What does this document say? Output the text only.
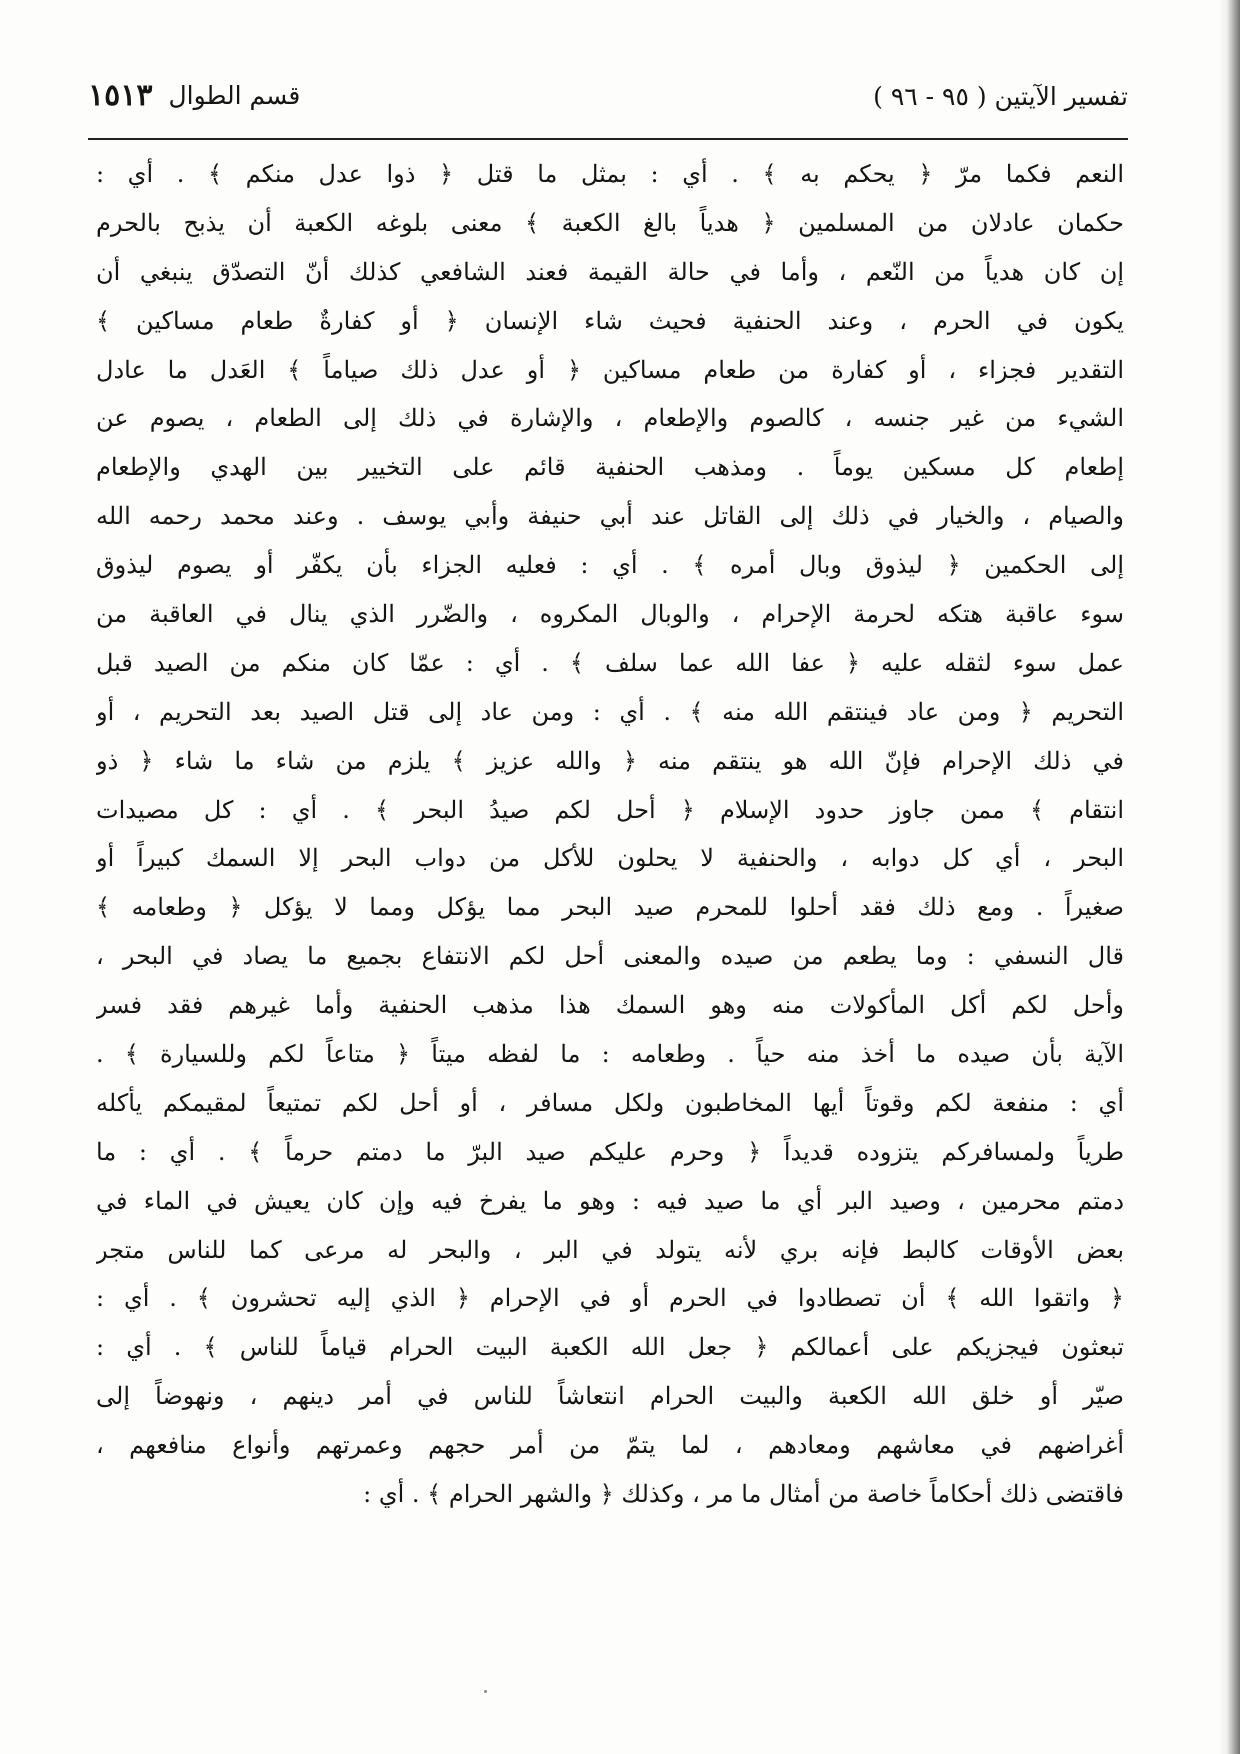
تفسير الآيتين ( ٩٥ - ٩٦ )
قسم الطوال١٥١٣
النعم فكما مرّ ﴿ يحكم به ﴾ . أي : بمثل ما قتل ﴿ ذوا عدل منكم ﴾ . أي :
حكمان عادلان من المسلمين ﴿ هدياً بالغ الكعبة ﴾ معنى بلوغه الكعبة أن يذبح بالحرم
إن كان هدياً من النّعم ، وأما في حالة القيمة فعند الشافعي كذلك أنّ التصدّق ينبغي أن
يكون في الحرم ، وعند الحنفية فحيث شاء الإنسان ﴿ أو كفارةٌ طعام مساكين ﴾
التقدير فجزاء ، أو كفارة من طعام مساكين ﴿ أو عدل ذلك صياماً ﴾ العَدل ما عادل
الشيء من غير جنسه ، كالصوم والإطعام ، والإشارة في ذلك إلى الطعام ، يصوم عن
إطعام كل مسكين يوماً . ومذهب الحنفية قائم على التخيير بين الهدي والإطعام
والصيام ، والخيار في ذلك إلى القاتل عند أبي حنيفة وأبي يوسف . وعند محمد رحمه الله
إلى الحكمين ﴿ ليذوق وبال أمره ﴾ . أي : فعليه الجزاء بأن يكفّر أو يصوم ليذوق
سوء عاقبة هتكه لحرمة الإحرام ، والوبال المكروه ، والضّرر الذي ينال في العاقبة من
عمل سوء لثقله عليه ﴿ عفا الله عما سلف ﴾ . أي : عمّا كان منكم من الصيد قبل
التحريم ﴿ ومن عاد فينتقم الله منه ﴾ . أي : ومن عاد إلى قتل الصيد بعد التحريم ، أو
في ذلك الإحرام فإنّ الله هو ينتقم منه ﴿ والله عزيز ﴾ يلزم من شاء ما شاء ﴿ ذو
انتقام ﴾ ممن جاوز حدود الإسلام ﴿ أحل لكم صيدُ البحر ﴾ . أي : كل مصيدات
البحر ، أي كل دوابه ، والحنفية لا يحلون للأكل من دواب البحر إلا السمك كبيراً أو
صغيراً . ومع ذلك فقد أحلوا للمحرم صيد البحر مما يؤكل ومما لا يؤكل ﴿ وطعامه ﴾
قال النسفي : وما يطعم من صيده والمعنى أحل لكم الانتفاع بجميع ما يصاد في البحر ،
وأحل لكم أكل المأكولات منه وهو السمك هذا مذهب الحنفية وأما غيرهم فقد فسر
الآية بأن صيده ما أخذ منه حياً . وطعامه : ما لفظه ميتاً ﴿ متاعاً لكم وللسيارة ﴾ .
أي : منفعة لكم وقوتاً أيها المخاطبون ولكل مسافر ، أو أحل لكم تمتيعاً لمقيمكم يأكله
طرياً ولمسافركم يتزوده قديداً ﴿ وحرم عليكم صيد البرّ ما دمتم حرماً ﴾ . أي : ما
دمتم محرمين ، وصيد البر أي ما صيد فيه : وهو ما يفرخ فيه وإن كان يعيش في الماء في
بعض الأوقات كالبط فإنه بري لأنه يتولد في البر ، والبحر له مرعى كما للناس متجر
﴿ واتقوا الله ﴾ أن تصطادوا في الحرم أو في الإحرام ﴿ الذي إليه تحشرون ﴾ . أي :
تبعثون فيجزيكم على أعمالكم ﴿ جعل الله الكعبة البيت الحرام قياماً للناس ﴾ . أي :
صيّر أو خلق الله الكعبة والبيت الحرام انتعاشاً للناس في أمر دينهم ، ونهوضاً إلى
أغراضهم في معاشهم ومعادهم ، لما يتمّ من أمر حجهم وعمرتهم وأنواع منافعهم ،
فاقتضى ذلك أحكاماً خاصة من أمثال ما مر ، وكذلك ﴿ والشهر الحرام ﴾ . أي :
